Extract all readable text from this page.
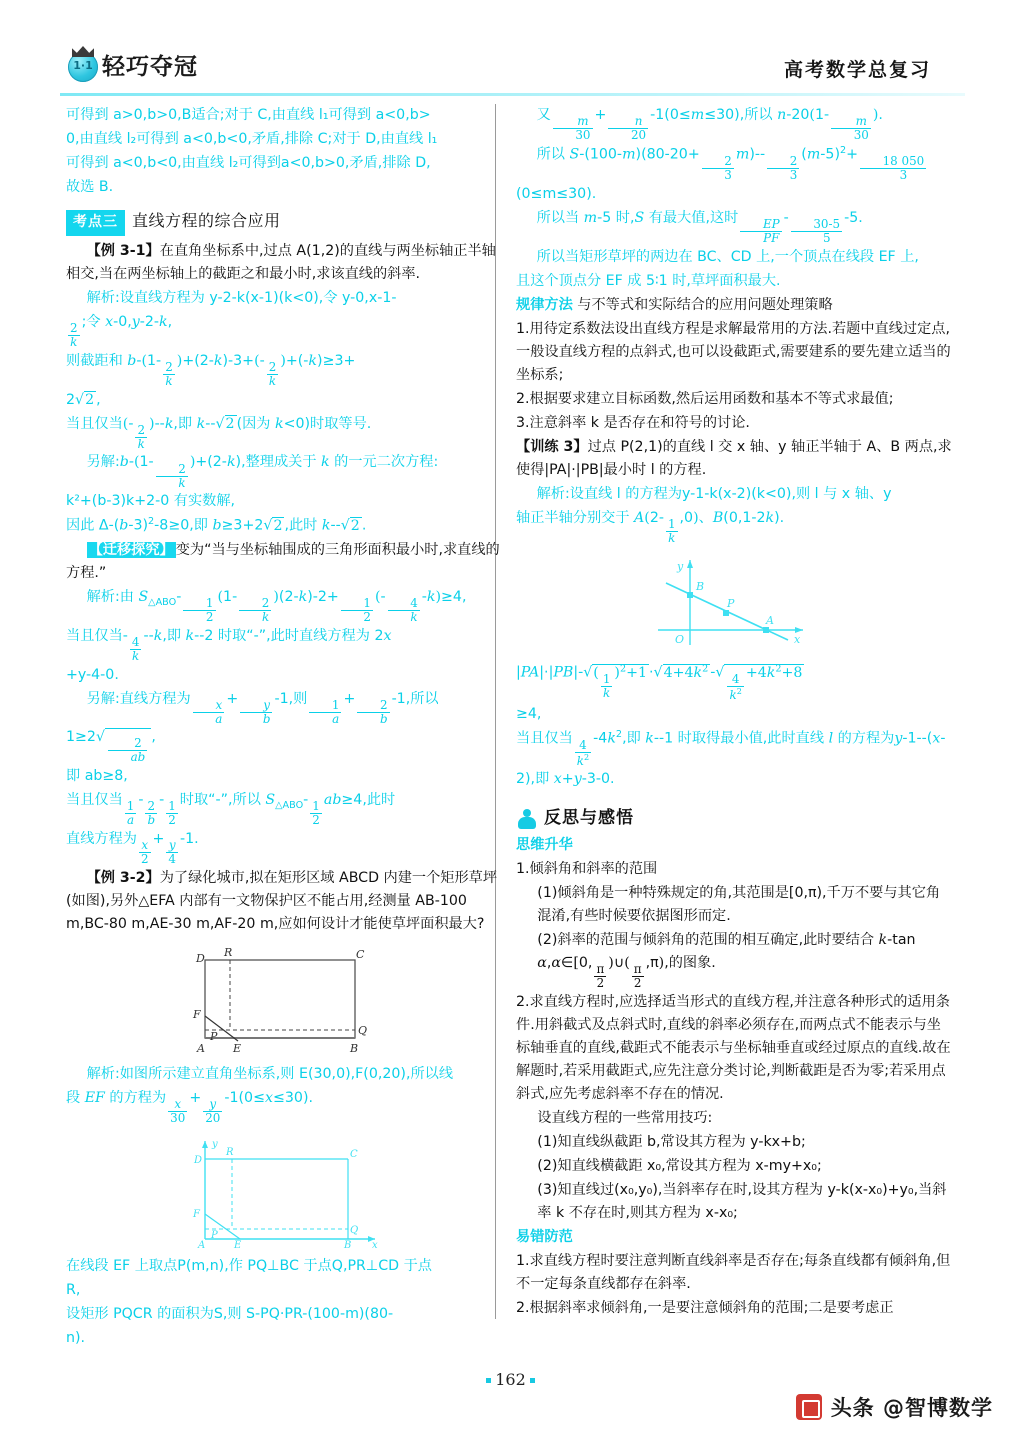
1·1 轻巧夺冠	高考数学总复习

可得到 a>0,b>0,B适合;对于 C,由直线 l₁可得到 a<0,b>

0,由直线 l₂可得到 a<0,b<0,矛盾,排除 C;对于 D,由直线 l₁

可得到 a<0,b<0,由直线 l₂可得到a<0,b>0,矛盾,排除 D,

故选 B.

考点三 直线方程的综合应用

【例 3-1】在直角坐标系中,过点 A(1,2)的直线与两坐标轴正半轴相交,当在两坐标轴上的截距之和最小时,求该直线的斜率.

解析:设直线方程为 y-2-k(x-1)(k<0),令 y-0,x-1-

$\frac{2}{k}$
;令 x-0,y-2-k,

则截距和 b-(1-
$\frac{2}{k}$
)+(2-k)-3+(-
$\frac{2}{k}$
)+(-k)≥3+

2√2 ,

当且仅当(-
$\frac{2}{k}$
)--k,即 k--√2 (因为 k<0)时取等号.

另解:b-(1-
$\frac{2}{k}$
)+(2-k),整理成关于 k 的一元二次方程:

k²+(b-3)k+2-0 有实数解,

因此 $\Delta-(b-3)^2-8\ge 0$,即 b≥3+2√2 ,此时 k--√2 .

【迁移探究】 变为“当与坐标轴围成的三角形面积最小时,求直线的方程.”

解析:由 $S_{\triangle ABO}-$
$\frac{1}{2}$
(1-
$\frac{2}{k}$
)(2-k)-2+
$\frac{1}{2}$
(-
$\frac{4}{k}$
-k)≥4,

当且仅当-
$\frac{4}{k}$
--k,即 k--2 时取“-”,此时直线方程为 2x

+y-4-0.

另解:直线方程为
$\frac{x}{a}$
+
$\frac{y}{b}$
-1,则
$\frac{1}{a}$
+
$\frac{2}{b}$
-1,所以 1≥2√
$\frac{2}{ab}$
,

即 ab≥8,

当且仅当
$\frac{1}{a}$
-
$\frac{2}{b}$
-
$\frac{1}{2}$
时取“-”,所以 $S_{\triangle ABO}-$
$\frac{1}{2}$
ab≥4,此时

直线方程为
$\frac{x}{2}$
+
$\frac{y}{4}$
-1.

【例 3-2】为了绿化城市,拟在矩形区域 ABCD 内建一个矩形草坪(如图),另外△EFA 内部有一文物保护区不能占用,经测量 AB-100 m,BC-80 m,AE-30 m,AF-20 m,应如何设计才能使草坪面积最大?

D R	C
F
Q
P
A	E	B

解析:如图所示建立直角坐标系,则 E(30,0),F(0,20),所以线

段 EF 的方程为
$\frac{x}{30}$
+
$\frac{y}{20}$
-1(0≤x≤30).

y
D
R	C
F
Q
P
A	E	B x

在线段 EF 上取点P(m,n),作 PQ⊥BC 于点Q,PR⊥CD 于点

R,

设矩形 PQCR 的面积为S,则 S-PQ·PR-(100-m)(80-

n).

又
$\frac{m}{30}$
+
$\frac{n}{20}$
-1(0≤m≤30),所以 n-20(1-
$\frac{m}{30}$
).

所以 S-(100-m)(80-20+
$\frac{2}{3}$
m)--
$\frac{2}{3}$
$(m-5)^2+$
$\frac{18 050}{3}$

(0≤m≤30).

所以当 m-5 时,S 有最大值,这时
$\frac{EP}{PF}$
-
$\frac{30-5}{5}$
-5.

所以当矩形草坪的两边在 BC、CD 上,一个顶点在线段 EF 上,

且这个顶点分 EF 成 5∶1 时,草坪面积最大.

规律方法 与不等式和实际结合的应用问题处理策略

1.用待定系数法设出直线方程是求解最常用的方法.若题中直线过定点,一般设直线方程的点斜式,也可以设截距式,需要建系的要先建立适当的坐标系;

2.根据要求建立目标函数,然后运用函数和基本不等式求最值;

3.注意斜率 k 是否存在和符号的讨论.

【训练 3】过点 P(2,1)的直线 l 交 x 轴、y 轴正半轴于 A、B 两点,求使得|PA|·|PB|最小时 l 的方程.

解析:设直线 l 的方程为y-1-k(x-2)(k<0),则 l 与 x 轴、y

轴正半轴分别交于 A(2-
$\frac{1}{k}$
,0)、B(0,1-2k).

B
P
A
O	x
y

|PA|·|PB|-√(
$\frac{1}{k}$
)$^2+1 \cdot√4+4k^2$ -√
$\frac{4}{k^2}$
$+4k^2+8$

≥4,

当且仅当
$\frac{4}{k^2}$
$-4k^2$,即 k--1 时取得最小值,此时直线 l 的方程为y-1--(x-2),即 x+y-3-0.

反思与感悟

思维升华

1.倾斜角和斜率的范围

(1)倾斜角是一种特殊规定的角,其范围是[0,π),千万不要与其它角混淆,有些时候要依据图形而定.

(2)斜率的范围与倾斜角的范围的相互确定,此时要结合 k-tan α,α∈[0,
$\frac{\pi}{2}$
)∪(
$\frac{\pi}{2}$
,π),的图象.

2.求直线方程时,应选择适当形式的直线方程,并注意各种形式的适用条件.用斜截式及点斜式时,直线的斜率必须存在,而两点式不能表示与坐标轴垂直的直线,截距式不能表示与坐标轴垂直或经过原点的直线.故在解题时,若采用截距式,应先注意分类讨论,判断截距是否为零;若采用点斜式,应先考虑斜率不存在的情况.

设直线方程的一些常用技巧:

(1)知直线纵截距 b,常设其方程为 y-kx+b;

(2)知直线横截距 x₀,常设其方程为 x-my+x₀;

(3)知直线过(x₀,y₀),当斜率存在时,设其方程为 y-k(x-x₀)+y₀,当斜率 k 不存在时,则其方程为 x-x₀;

易错防范

1.求直线方程时要注意判断直线斜率是否存在;每条直线都有倾斜角,但不一定每条直线都存在斜率.

2.根据斜率求倾斜角,一是要注意倾斜角的范围;二是要考虑正

162
头条 @智博数学
